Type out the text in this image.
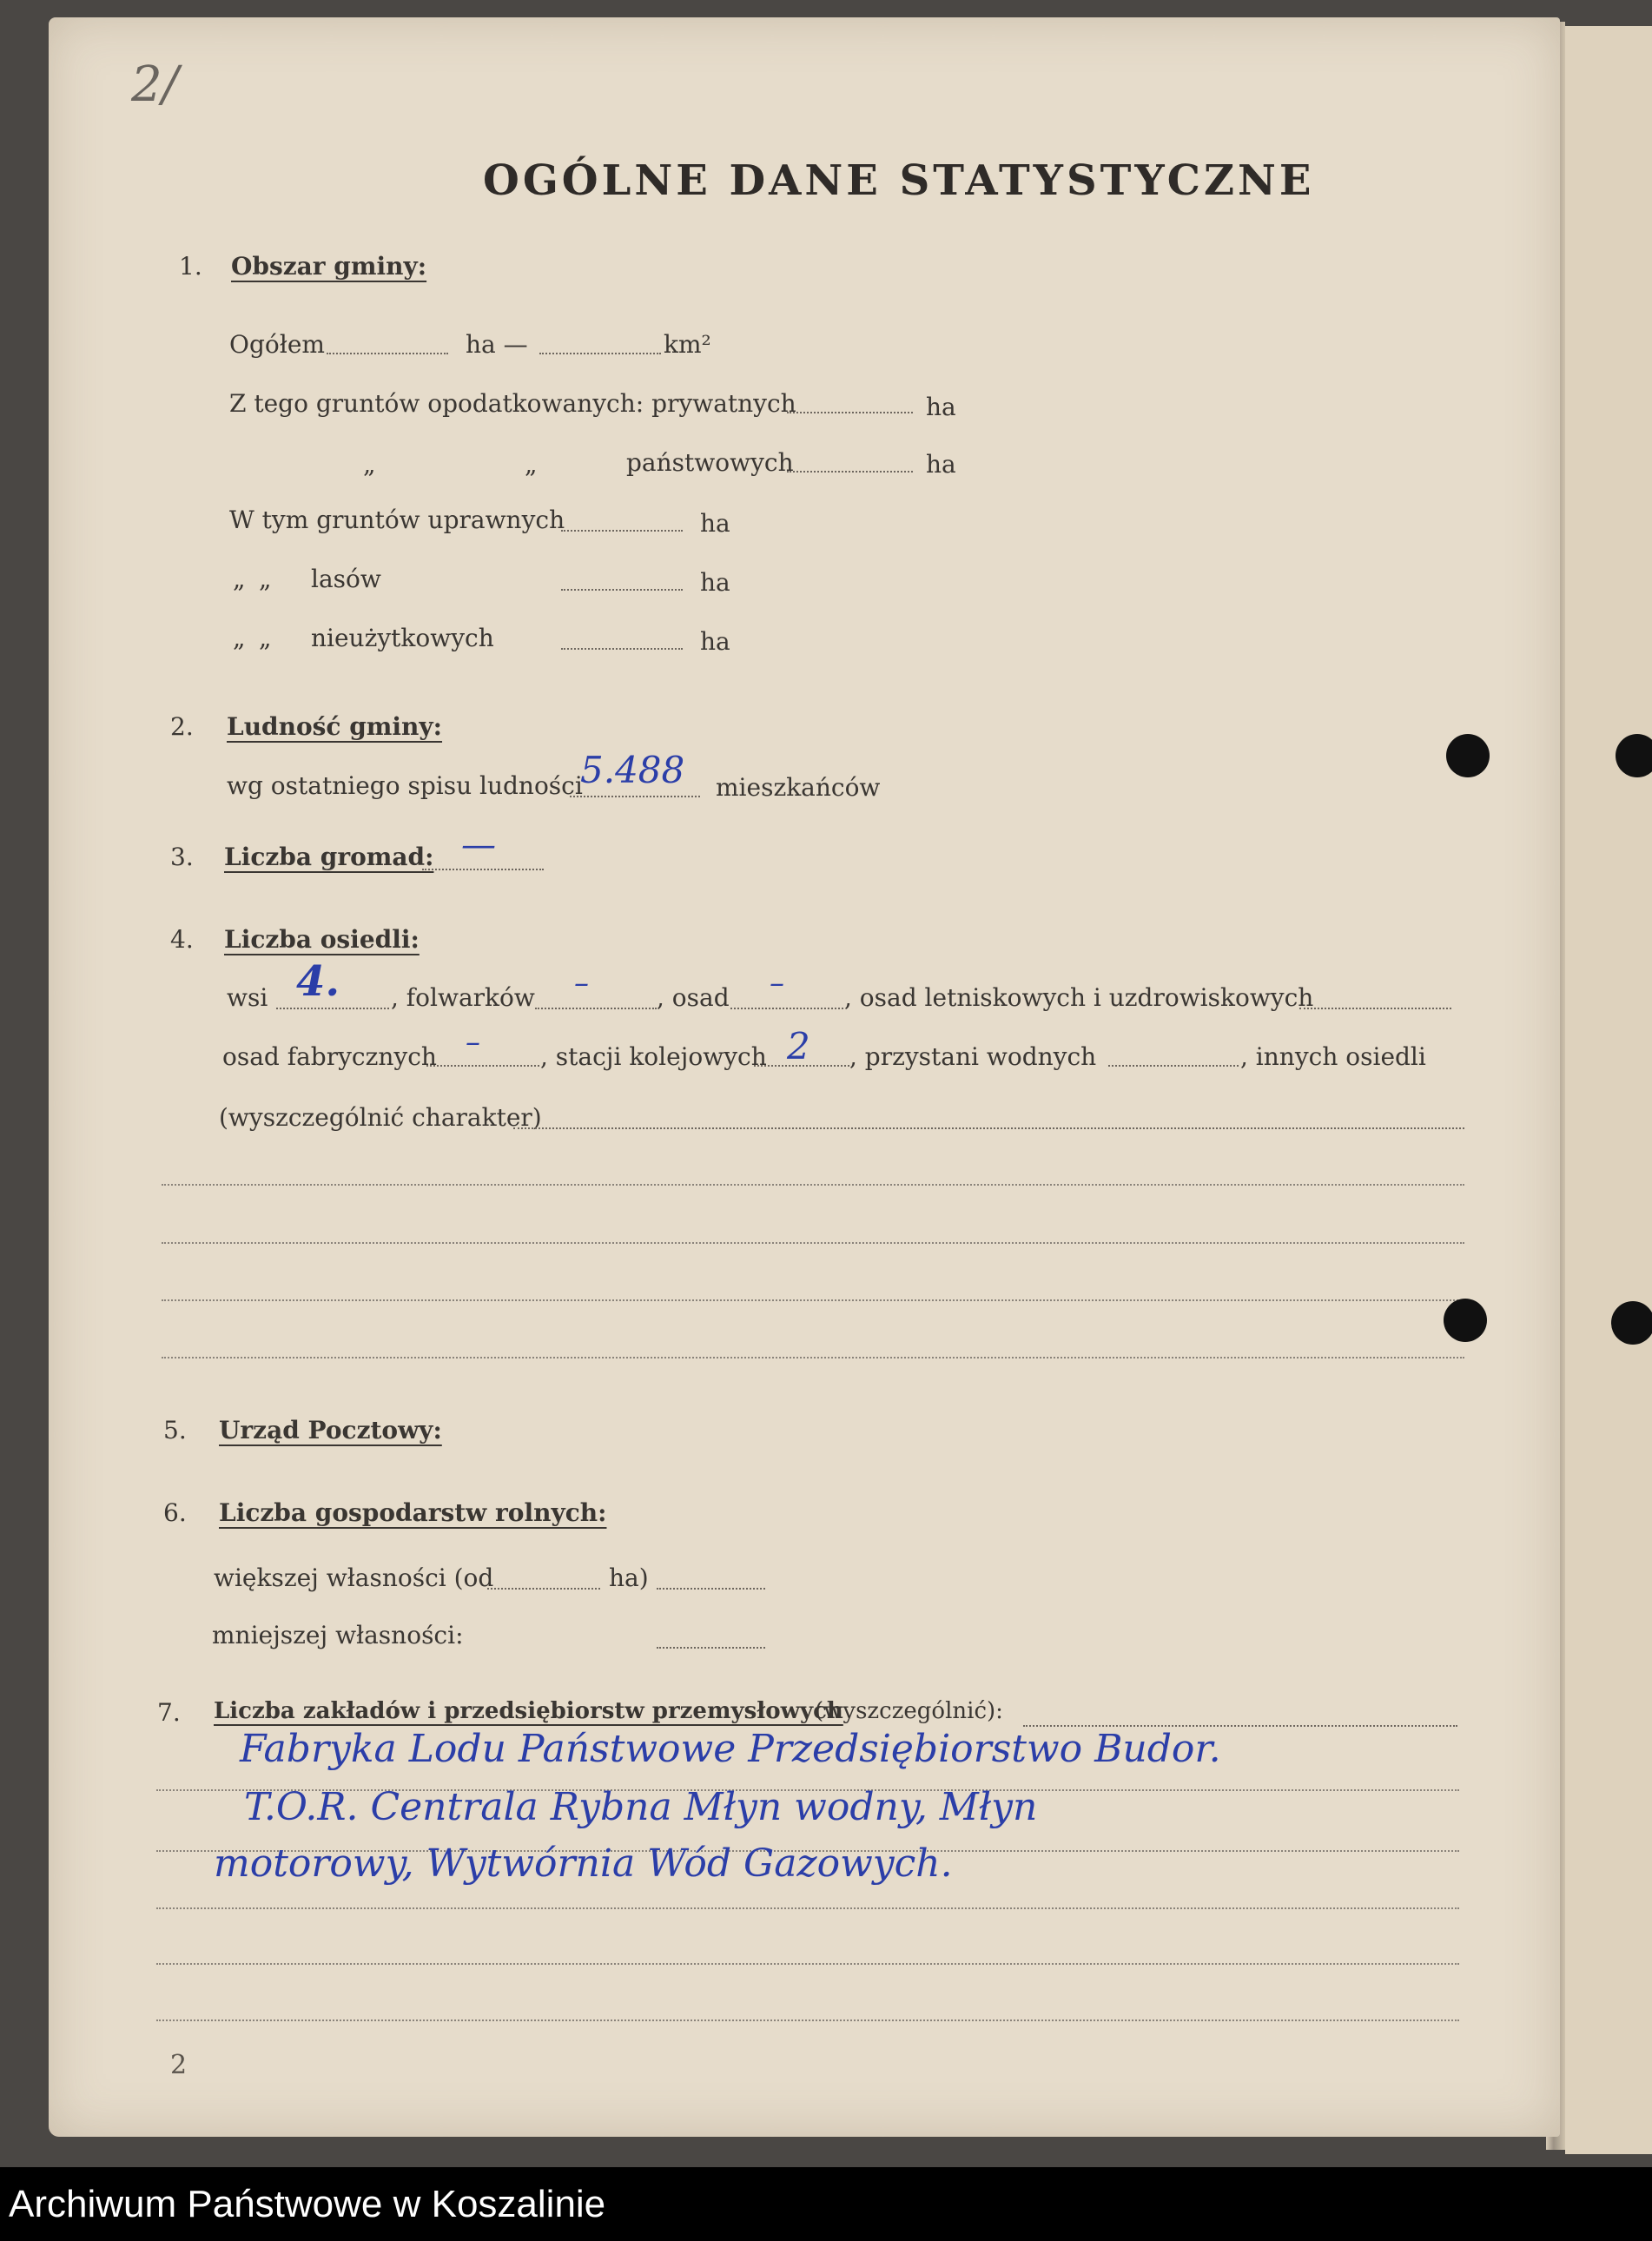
2/
OGÓLNE DANE STATYSTYCZNE
1. Obszar gminy:
Ogółem	ha —	km²
Z tego gruntów opodatkowanych: prywatnych	ha
„	„	państwowych	ha
W tym gruntów uprawnych	ha
„ „ lasów	ha
„ „ nieużytkowych	ha
2. Ludność gminy:
wg ostatniego spisu ludności
5.488 mieszkańców
3. Liczba gromad: —
4. Liczba osiedli:
wsi 4. , folwarków –	, osad – , osad letniskowych i uzdrowiskowych
osad fabrycznych – , stacji kolejowych 2 , przystani wodnych	, innych osiedli
(wyszczególnić charakter)
5. Urząd Pocztowy:
6. Liczba gospodarstw rolnych:
większej własności (od	ha)
mniejszej własności:
7. Liczba zakładów i przedsiębiorstw przemysłowych
(wyszczególnić):
Fabryka Lodu Państwowe Przedsiębiorstwo Budor.
T.O.R. Centrala Rybna Młyn wodny, Młyn
motorowy, Wytwórnia Wód Gazowych.
2
Archiwum Państwowe w Koszalinie
